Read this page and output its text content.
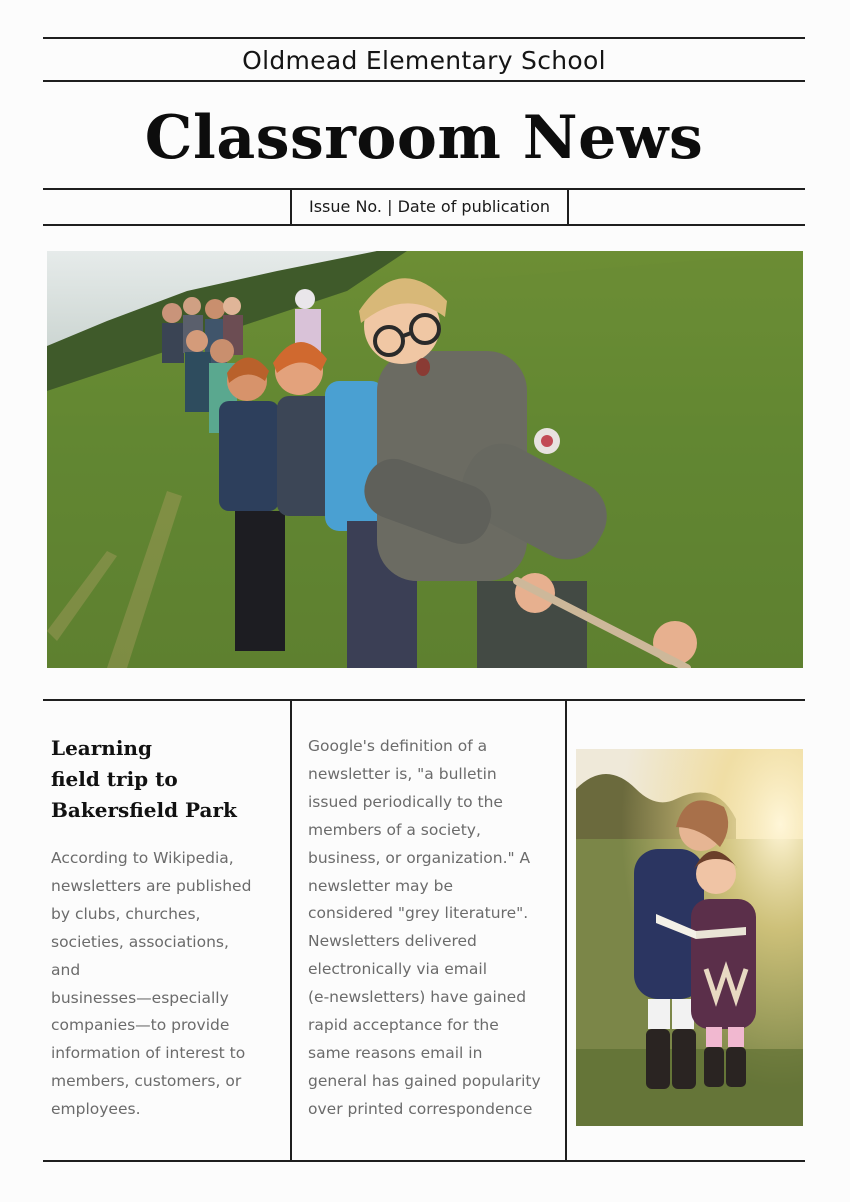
Oldmead Elementary School
Classroom News
Issue No. | Date of publication
Learning
field trip to
Bakersfield Park
According to Wikipedia,
newsletters are published
by clubs, churches,
societies, associations,
and
businesses—especially
companies—to provide
information of interest to
members, customers, or
employees.
Google's definition of a
newsletter is, "a bulletin
issued periodically to the
members of a society,
business, or organization." A
newsletter may be
considered "grey literature".
Newsletters delivered
electronically via email
(e-newsletters) have gained
rapid acceptance for the
same reasons email in
general has gained popularity
over printed correspondence
